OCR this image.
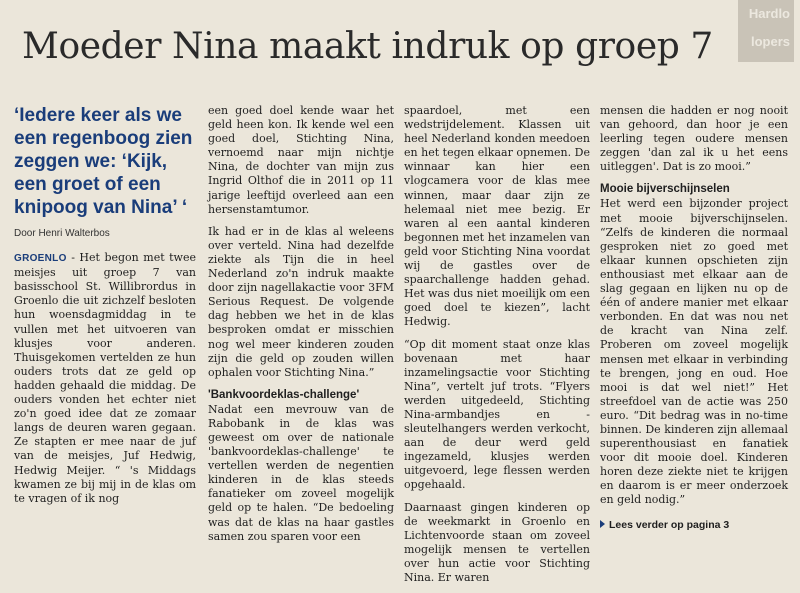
Hardlo lopers
Moeder Nina maakt indruk op groep 7
‘Iedere keer als we een regenboog zien zeggen we: ‘Kijk, een groet of een knipoog van Nina’ ‘
Door Henri Walterbos

GROENLO - Het begon met twee meisjes uit groep 7 van basisschool St. Willibrordus in Groenlo die uit zichzelf besloten hun woensdagmiddag in te vullen met het uitvoeren van klusjes voor anderen. Thuisgekomen vertelden ze hun ouders trots dat ze geld op hadden gehaald die middag. De ouders vonden het echter niet zo'n goed idee dat ze zomaar langs de deuren waren gegaan. Ze stapten er mee naar de juf van de meisjes, Juf Hedwig, Hedwig Meijer. “ 's Middags kwamen ze bij mij in de klas om te vragen of ik nog

een goed doel kende waar het geld heen kon. Ik kende wel een goed doel, Stichting Nina, vernoemd naar mijn nichtje Nina, de dochter van mijn zus Ingrid Olthof die in 2011 op 11 jarige leeftijd overleed aan een hersenstamtumor.

Ik had er in de klas al weleens over verteld. Nina had dezelfde ziekte als Tijn die in heel Nederland zo'n indruk maakte door zijn nagellakactie voor 3FM Serious Request. De volgende dag hebben we het in de klas besproken omdat er misschien nog wel meer kinderen zouden zijn die geld op zouden willen ophalen voor Stichting Nina.”

'Bankvoordeklas-challenge'

Nadat een mevrouw van de Rabobank in de klas was geweest om over de nationale 'bankvoordeklas-challenge' te vertellen werden de negentien kinderen in de klas steeds fanatieker om zoveel mogelijk geld op te halen. “De bedoeling was dat de klas na haar gastles samen zou sparen voor een

spaardoel, met een wedstrijdelement. Klassen uit heel Nederland konden meedoen en het tegen elkaar opnemen. De winnaar kan hier een vlogcamera voor de klas mee winnen, maar daar zijn ze helemaal niet mee bezig. Er waren al een aantal kinderen begonnen met het inzamelen van geld voor Stichting Nina voordat wij de gastles over de spaarchallenge hadden gehad. Het was dus niet moeilijk om een goed doel te kiezen”, lacht Hedwig.

“Op dit moment staat onze klas bovenaan met haar inzamelingsactie voor Stichting Nina”, vertelt juf trots. “Flyers werden uitgedeeld, Stichting Nina-armbandjes en -sleutelhangers werden verkocht, aan de deur werd geld ingezameld, klusjes werden uitgevoerd, lege flessen werden opgehaald.

Daarnaast gingen kinderen op de weekmarkt in Groenlo en Lichtenvoorde staan om zoveel mogelijk mensen te vertellen over hun actie voor Stichting Nina. Er waren

mensen die hadden er nog nooit van gehoord, dan hoor je een leerling tegen oudere mensen zeggen 'dan zal ik u het eens uitleggen'. Dat is zo mooi.”

Mooie bijverschijnselen

Het werd een bijzonder project met mooie bijverschijnselen. “Zelfs de kinderen die normaal gesproken niet zo goed met elkaar kunnen opschieten zijn enthousiast met elkaar aan de slag gegaan en lijken nu op de één of andere manier met elkaar verbonden. En dat was nou net de kracht van Nina zelf. Proberen om zoveel mogelijk mensen met elkaar in verbinding te brengen, jong en oud. Hoe mooi is dat wel niet!” Het streefdoel van de actie was 250 euro. “Dit bedrag was in no-time binnen. De kinderen zijn allemaal superenthousiast en fanatiek voor dit mooie doel. Kinderen horen deze ziekte niet te krijgen en daarom is er meer onderzoek en geld nodig.”

Lees verder op pagina 3
